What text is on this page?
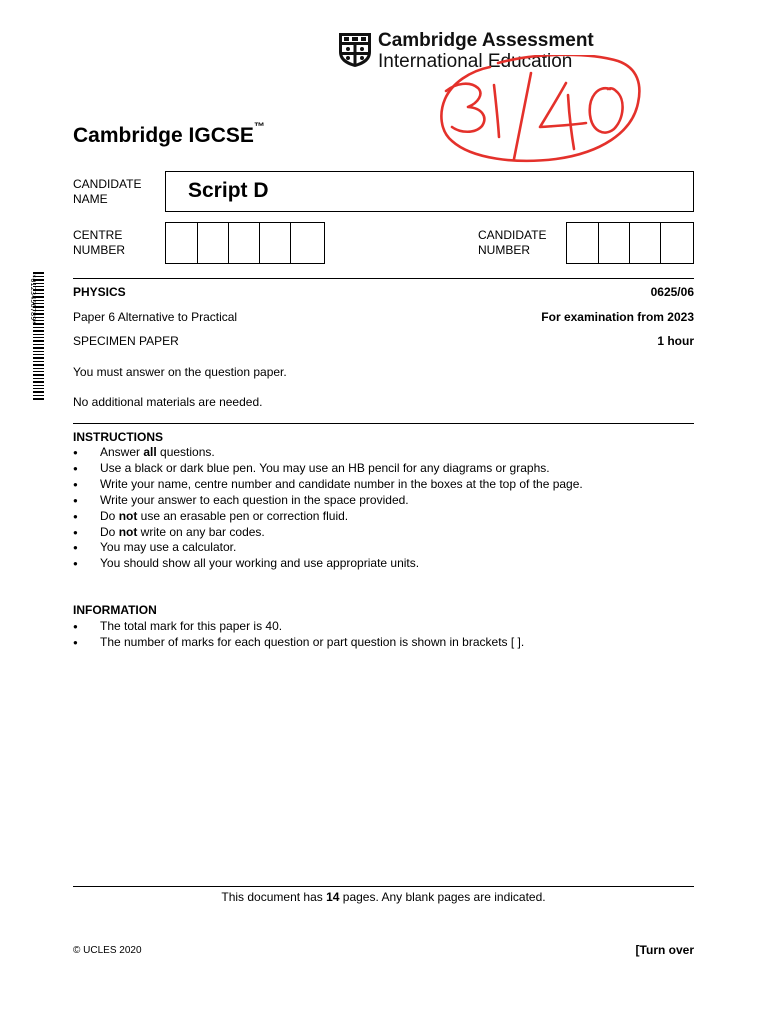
Cambridge Assessment
International Education
Cambridge IGCSE™
CANDIDATE
NAME	Script D
CENTRE
NUMBER
CANDIDATE
NUMBER
*0123456789*	PHYSICS	0625/06
Paper 6 Alternative to Practical	For examination from 2023
SPECIMEN PAPER	1 hour
You must answer on the question paper.
No additional materials are needed.
INSTRUCTIONS
● Answer all questions.
● Use a black or dark blue pen. You may use an HB pencil for any diagrams or graphs.
● Write your name, centre number and candidate number in the boxes at the top of the page.
● Write your answer to each question in the space provided.
● Do not use an erasable pen or correction fluid.
● Do not write on any bar codes.
● You may use a calculator.
● You should show all your working and use appropriate units.
INFORMATION
● The total mark for this paper is 40.
● The number of marks for each question or part question is shown in brackets [ ].
This document has 14 pages. Any blank pages are indicated.
© UCLES 2020	[Turn over
